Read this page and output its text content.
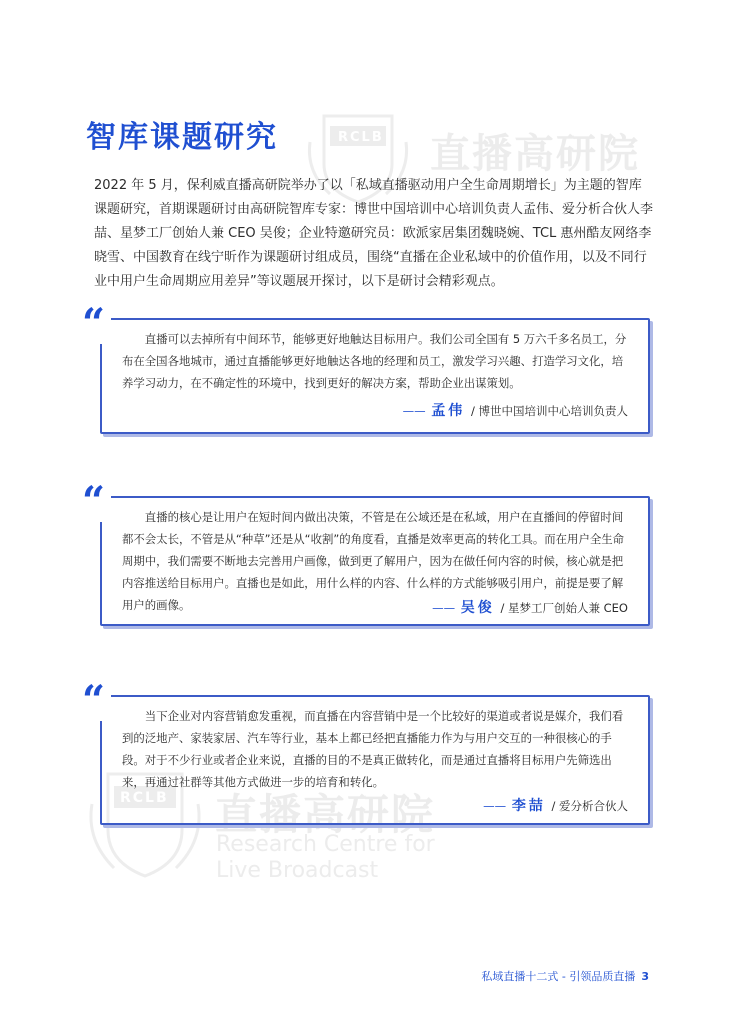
RCLB 直播高研院
RCLB 直播高研院
Research Centre for
Live Broadcast
智库课题研究

2022 年 5 月，保利威直播高研院举办了以「私域直播驱动用户全生命周期增长」为主题的智库课题研究，首期课题研讨由高研院智库专家：博世中国培训中心培训负责人孟伟、爱分析合伙人李喆、星梦工厂创始人兼 CEO 吴俊；企业特邀研究员：欧派家居集团魏晓婉、TCL 惠州酷友网络李晓雪、中国教育在线宁昕作为课题研讨组成员，围绕“直播在企业私域中的价值作用，以及不同行业中用户生命周期应用差异”等议题展开探讨，以下是研讨会精彩观点。

“	直播可以去掉所有中间环节，能够更好地触达目标用户。我们公司全国有 5 万六千多名员工，分布在全国各地城市，通过直播能够更好地触达各地的经理和员工，激发学习兴趣、打造学习文化，培养学习动力，在不确定性的环境中，找到更好的解决方案，帮助企业出谋策划。

—— 孟伟 / 博世中国培训中心培训负责人
“	直播的核心是让用户在短时间内做出决策，不管是在公域还是在私域，用户在直播间的停留时间都不会太长，不管是从“种草”还是从“收割”的角度看，直播是效率更高的转化工具。而在用户全生命周期中，我们需要不断地去完善用户画像，做到更了解用户，因为在做任何内容的时候，核心就是把内容推送给目标用户。直播也是如此，用什么样的内容、什么样的方式能够吸引用户，前提是要了解用户的画像。	—— 吴俊 / 星梦工厂创始人兼 CEO
“	当下企业对内容营销愈发重视，而直播在内容营销中是一个比较好的渠道或者说是媒介，我们看到的泛地产、家装家居、汽车等行业，基本上都已经把直播能力作为与用户交互的一种很核心的手段。对于不少行业或者企业来说，直播的目的不是真正做转化，而是通过直播将目标用户先筛选出来，再通过社群等其他方式做进一步的培育和转化。

—— 李喆 / 爱分析合伙人
私域直播十二式 - 引领品质直播 3
